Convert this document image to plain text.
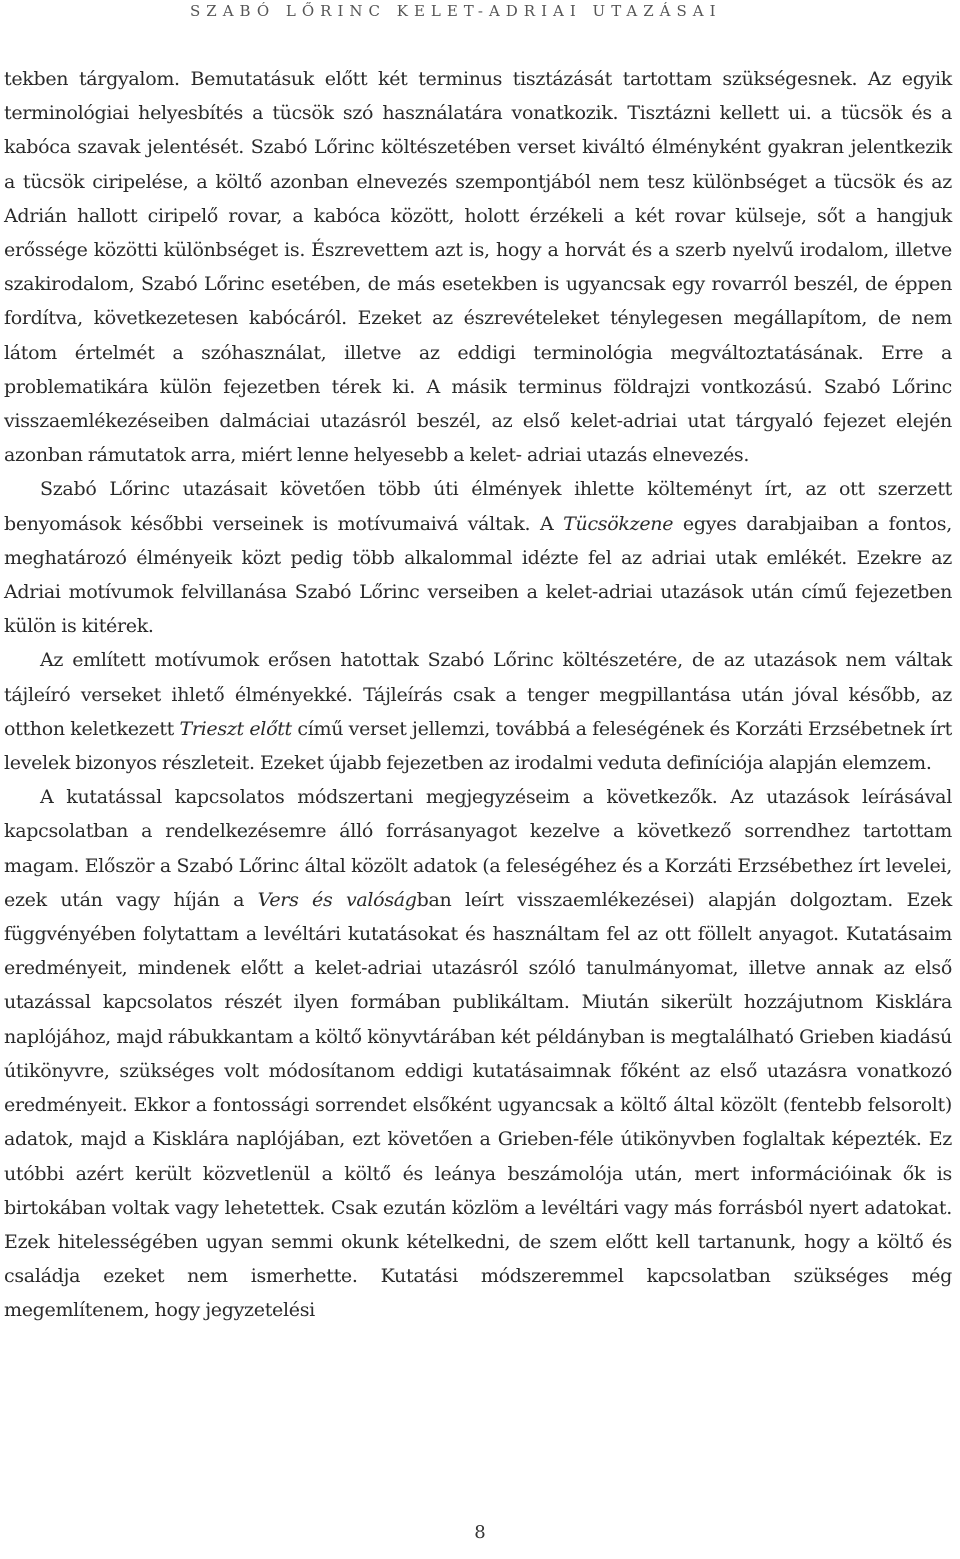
SZABÓ LŐRINC KELET-ADRIAI UTAZÁSAI

tekben tárgyalom. Bemutatásuk előtt két terminus tisztázását tartottam szükségesnek. Az egyik terminológiai helyesbítés a tücsök szó használatára vonatkozik. Tisztázni kellett ui. a tücsök és a kabóca szavak jelentését. Szabó Lőrinc költészetében verset kiváltó élményként gyakran jelentkezik a tücsök ciripelése, a költő azonban elnevezés szempontjából nem tesz különbséget a tücsök és az Adrián hallott ciripelő rovar, a kabóca között, holott érzékeli a két rovar külseje, sőt a hangjuk erőssége közötti különbséget is. Észrevettem azt is, hogy a horvát és a szerb nyelvű irodalom, illetve szakirodalom, Szabó Lőrinc esetében, de más esetekben is ugyancsak egy rovarról beszél, de éppen fordítva, következetesen kabócáról. Ezeket az észrevételeket ténylegesen megállapítom, de nem látom értelmét a szóhasználat, illetve az eddigi terminológia megváltoztatásának. Erre a problematikára külön fejezetben térek ki. A másik terminus földrajzi vontkozású. Szabó Lőrinc visszaemlékezéseiben dalmáciai utazásról beszél, az első kelet-adriai utat tárgyaló fejezet elején azonban rámutatok arra, miért lenne helyesebb a kelet- adriai utazás elnevezés.

Szabó Lőrinc utazásait követően több úti élmények ihlette költeményt írt, az ott szerzett benyomások későbbi verseinek is motívumaivá váltak. A Tücsökzene egyes darabjaiban a fontos, meghatározó élményeik közt pedig több alkalommal idézte fel az adriai utak emlékét. Ezekre az Adriai motívumok felvillanása Szabó Lőrinc verseiben a kelet-adriai utazások után című fejezetben külön is kitérek.

Az említett motívumok erősen hatottak Szabó Lőrinc költészetére, de az utazások nem váltak tájleíró verseket ihlető élményekké. Tájleírás csak a tenger megpillantása után jóval később, az otthon keletkezett Trieszt előtt című verset jellemzi, továbbá a feleségének és Korzáti Erzsébetnek írt levelek bizonyos részleteit. Ezeket újabb fejezetben az irodalmi veduta definíciója alapján elemzem.

A kutatással kapcsolatos módszertani megjegyzéseim a következők. Az utazások leírásával kapcsolatban a rendelkezésemre álló forrásanyagot kezelve a következő sorrendhez tartottam magam. Először a Szabó Lőrinc által közölt adatok (a feleségéhez és a Korzáti Erzsébethez írt levelei, ezek után vagy híján a Vers és valóságban leírt visszaemlékezései) alapján dolgoztam. Ezek függvényében folytattam a levéltári kutatásokat és használtam fel az ott föllelt anyagot. Kutatásaim eredményeit, mindenek előtt a kelet-adriai utazásról szóló tanulmányomat, illetve annak az első utazással kapcsolatos részét ilyen formában publikáltam. Miután sikerült hozzájutnom Kisklára naplójához, majd rábukkantam a költő könyvtárában két példányban is megtalálható Grieben kiadású útikönyvre, szükséges volt módosítanom eddigi kutatásaimnak főként az első utazásra vonatkozó eredményeit. Ekkor a fontossági sorrendet elsőként ugyancsak a költő által közölt (fentebb felsorolt) adatok, majd a Kisklára naplójában, ezt követően a Grieben-féle útikönyvben foglaltak képezték. Ez utóbbi azért került közvetlenül a költő és leánya beszámolója után, mert információinak ők is birtokában voltak vagy lehetettek. Csak ezután közlöm a levéltári vagy más forrásból nyert adatokat. Ezek hitelességében ugyan semmi okunk kételkedni, de szem előtt kell tartanunk, hogy a költő és családja ezeket nem ismerhette. Kutatási módszeremmel kapcsolatban szükséges még megemlítenem, hogy jegyzetelési

8
